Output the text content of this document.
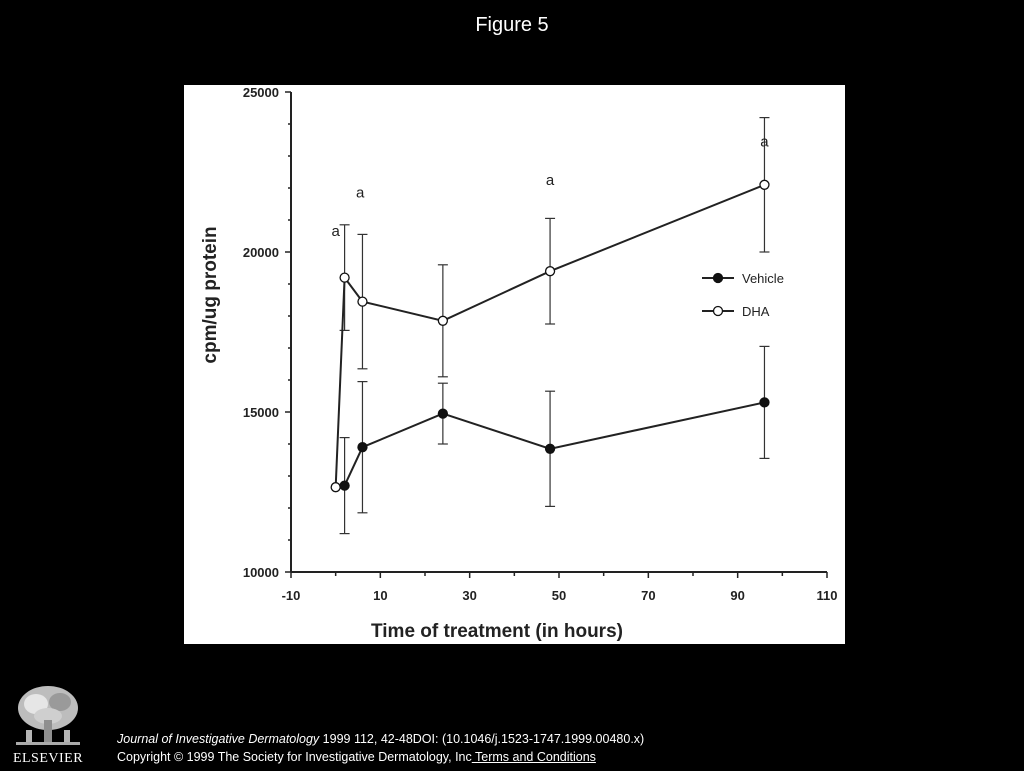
Figure 5
10000
15000
20000
25000
-10	10	30	50	70	90	110
Time of treatment (in hours)
cpm/ug protein	a
a
a
a
Vehicle
DHA
ELSEVIER
Journal of Investigative Dermatology 1999 112, 42-48DOI: (10.1046/j.1523-1747.1999.00480.x)
Copyright © 1999 The Society for Investigative Dermatology, Inc Terms and Conditions
